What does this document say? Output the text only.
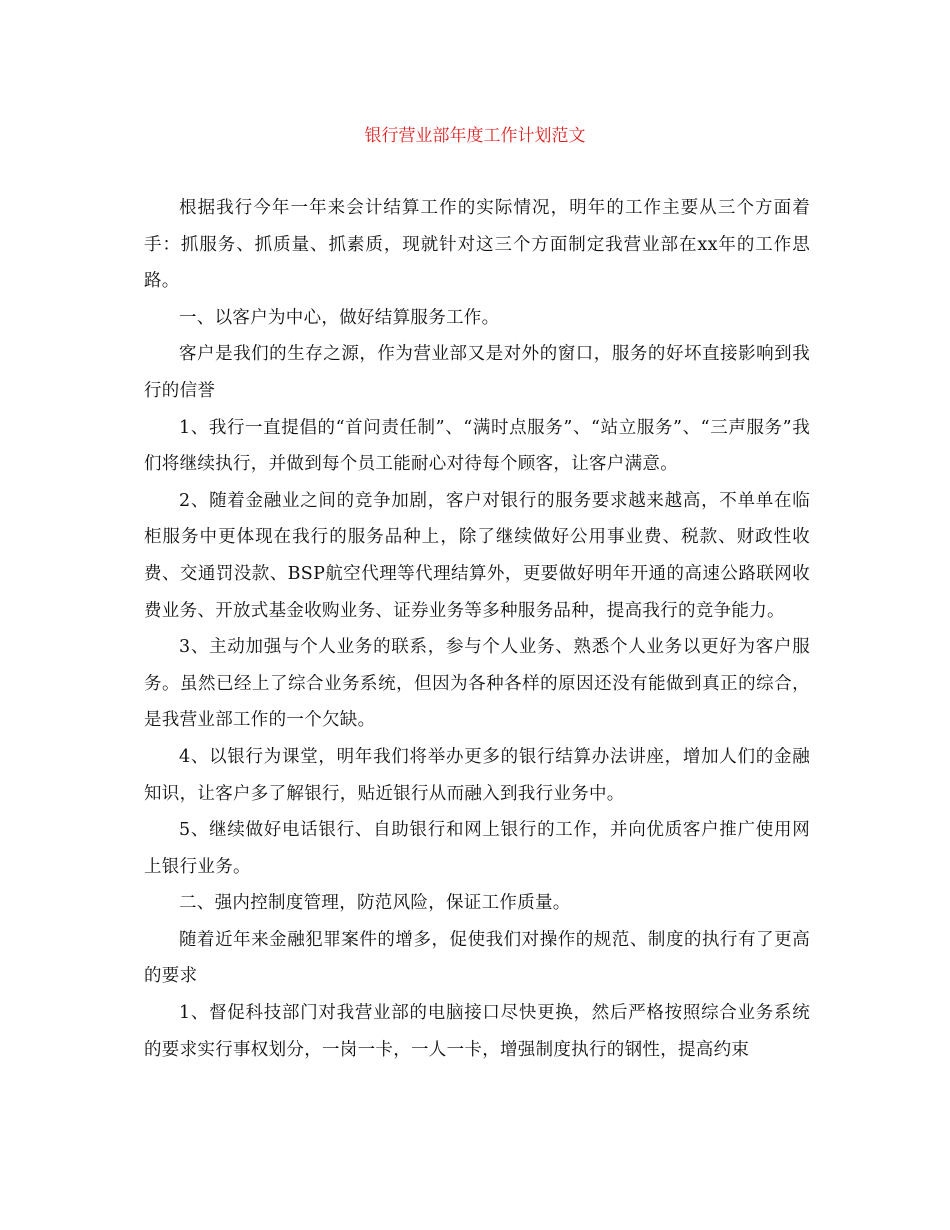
银行营业部年度工作计划范文

根据我行今年一年来会计结算工作的实际情况，明年的工作主要从三个方面着手：抓服务、抓质量、抓素质，现就针对这三个方面制定我营业部在xx年的工作思路。

一、以客户为中心，做好结算服务工作。

客户是我们的生存之源，作为营业部又是对外的窗口，服务的好坏直接影响到我行的信誉

1、我行一直提倡的“首问责任制”、“满时点服务”、“站立服务”、“三声服务”我们将继续执行，并做到每个员工能耐心对待每个顾客，让客户满意。

2、随着金融业之间的竞争加剧，客户对银行的服务要求越来越高，不单单在临柜服务中更体现在我行的服务品种上，除了继续做好公用事业费、税款、财政性收费、交通罚没款、BSP航空代理等代理结算外，更要做好明年开通的高速公路联网收费业务、开放式基金收购业务、证券业务等多种服务品种，提高我行的竞争能力。

3、主动加强与个人业务的联系，参与个人业务、熟悉个人业务以更好为客户服务。虽然已经上了综合业务系统，但因为各种各样的原因还没有能做到真正的综合，是我营业部工作的一个欠缺。

4、以银行为课堂，明年我们将举办更多的银行结算办法讲座，增加人们的金融知识，让客户多了解银行，贴近银行从而融入到我行业务中。

5、继续做好电话银行、自助银行和网上银行的工作，并向优质客户推广使用网上银行业务。

二、强内控制度管理，防范风险，保证工作质量。

随着近年来金融犯罪案件的增多，促使我们对操作的规范、制度的执行有了更高的要求

1、督促科技部门对我营业部的电脑接口尽快更换，然后严格按照综合业务系统的要求实行事权划分，一岗一卡，一人一卡，增强制度执行的钢性，提高约束
